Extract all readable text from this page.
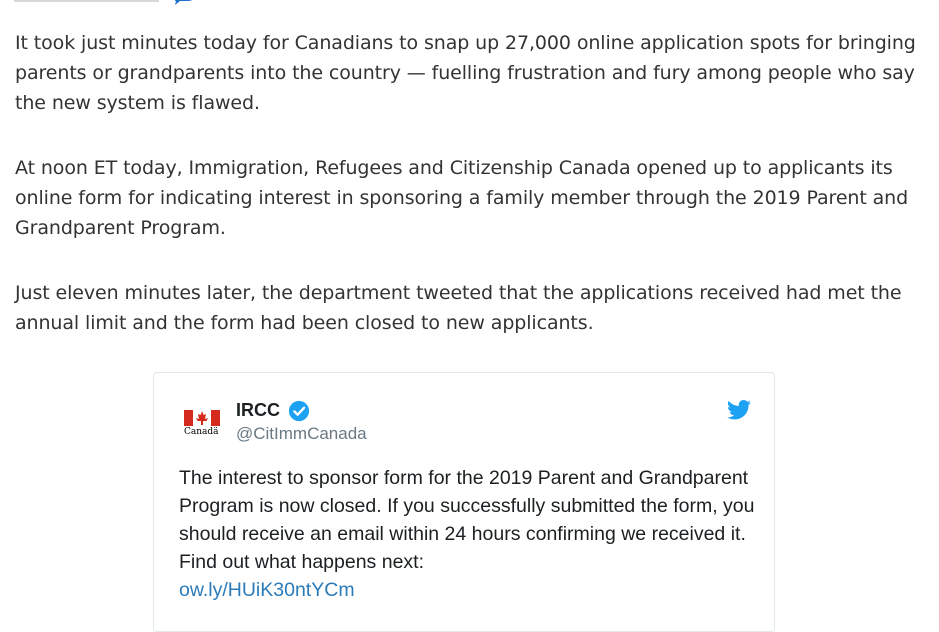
It took just minutes today for Canadians to snap up 27,000 online application spots for bringing parents or grandparents into the country — fuelling frustration and fury among people who say the new system is flawed.

At noon ET today, Immigration, Refugees and Citizenship Canada opened up to applicants its online form for indicating interest in sponsoring a family member through the 2019 Parent and Grandparent Program.

Just eleven minutes later, the department tweeted that the applications received had met the annual limit and the form had been closed to new applicants.

Canadä
IRCC
@CitImmCanada
The interest to sponsor form for the 2019 Parent and Grandparent Program is now closed. If you successfully submitted the form, you should receive an email within 24 hours confirming we received it. Find out what happens next:
ow.ly/HUiK30ntYCm
